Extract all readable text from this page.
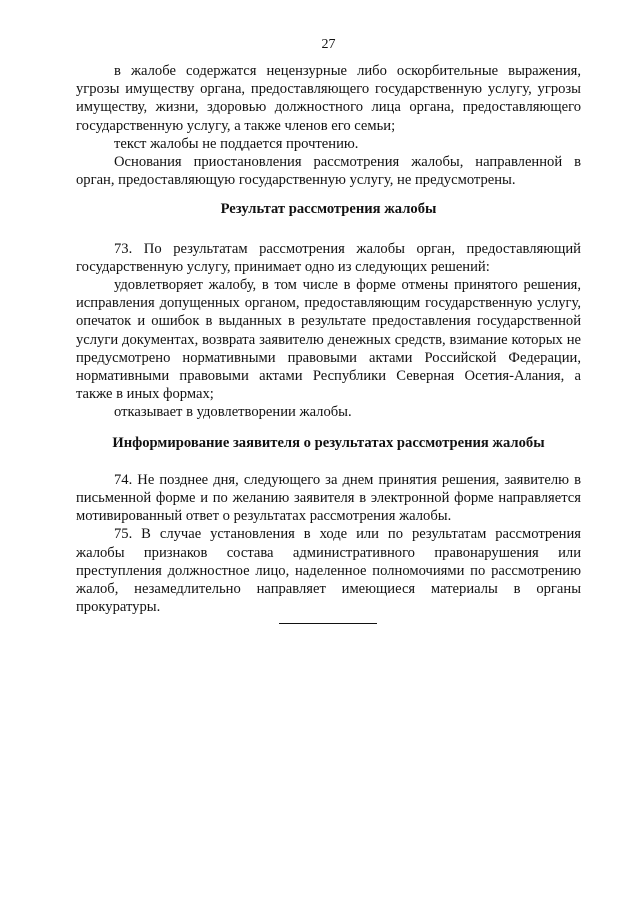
27

в жалобе содержатся нецензурные либо оскорбительные выражения, угрозы имуществу органа, предоставляющего государственную услугу, угрозы имуществу, жизни, здоровью должностного лица органа, предоставляющего государственную услугу, а также членов его семьи;

текст жалобы не поддается прочтению.

Основания приостановления рассмотрения жалобы, направленной в орган, предоставляющую государственную услугу, не предусмотрены.

Результат рассмотрения жалобы

73. По результатам рассмотрения жалобы орган, предоставляющий государственную услугу, принимает одно из следующих решений:

удовлетворяет жалобу, в том числе в форме отмены принятого решения, исправления допущенных органом, предоставляющим государственную услугу, опечаток и ошибок в выданных в результате предоставления государственной услуги документах, возврата заявителю денежных средств, взимание которых не предусмотрено нормативными правовыми актами Российской Федерации, нормативными правовыми актами Республики Северная Осетия-Алания, а также в иных формах;

отказывает в удовлетворении жалобы.

Информирование заявителя о результатах рассмотрения жалобы

74. Не позднее дня, следующего за днем принятия решения, заявителю в письменной форме и по желанию заявителя в электронной форме направляется мотивированный ответ о результатах рассмотрения жалобы.

75. В случае установления в ходе или по результатам рассмотрения жалобы признаков состава административного правонарушения или преступления должностное лицо, наделенное полномочиями по рассмотрению жалоб, незамедлительно направляет имеющиеся материалы в органы прокуратуры.
